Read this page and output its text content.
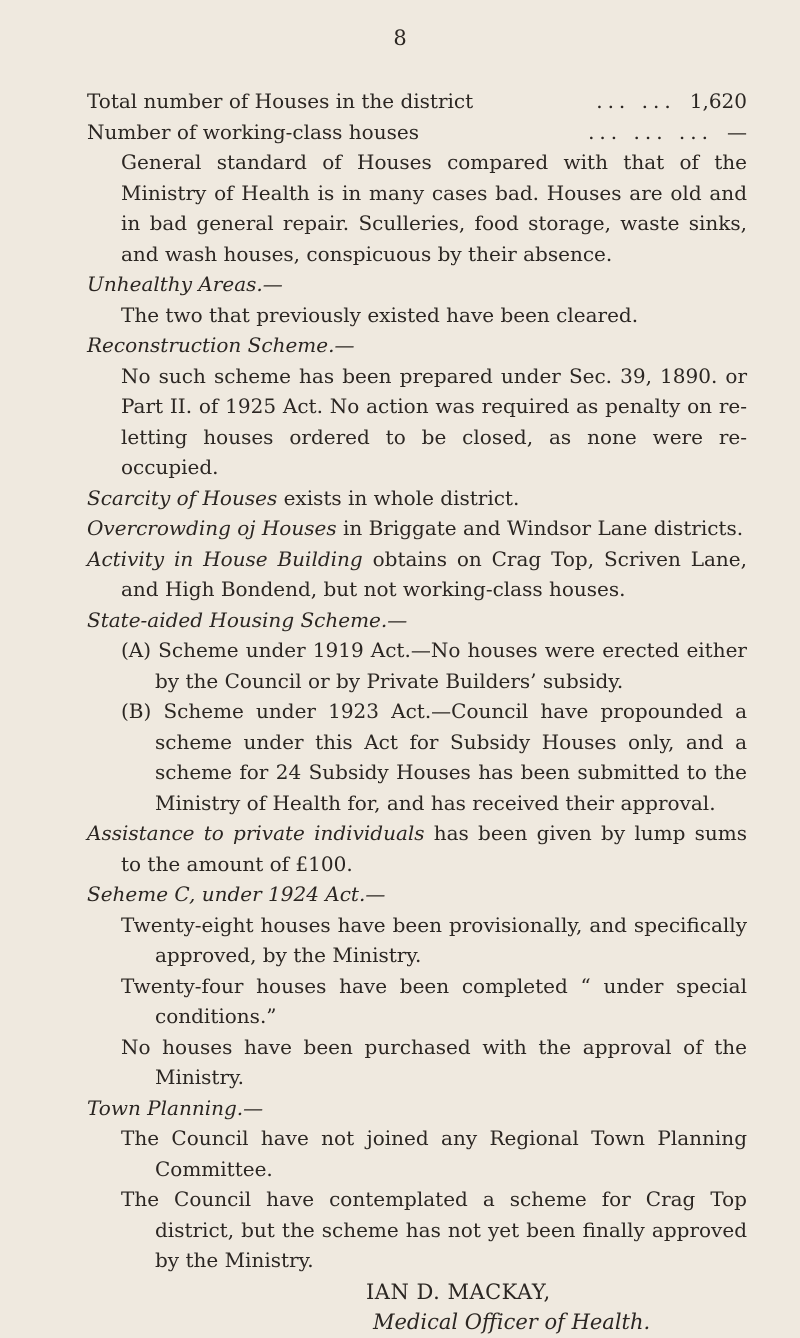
8
Total number of Houses in the district	... ... 1,620
Number of working-class houses	... ... ... —
General standard of Houses compared with that of the Ministry of Health is in many cases bad. Houses are old and in bad general repair. Sculleries, food storage, waste sinks, and wash houses, conspicuous by their absence.
Unhealthy Areas.—
The two that previously existed have been cleared.
Reconstruction Scheme.—
No such scheme has been prepared under Sec. 39, 1890. or Part II. of 1925 Act. No action was required as penalty on re-letting houses ordered to be closed, as none were re-occupied.
Scarcity of Houses exists in whole district.
Overcrowding oj Houses in Briggate and Windsor Lane districts.
Activity in House Building obtains on Crag Top, Scriven Lane, and High Bondend, but not working-class houses.
State-aided Housing Scheme.—
(A) Scheme under 1919 Act.—No houses were erected either by the Council or by Private Builders’ subsidy.
(B) Scheme under 1923 Act.—Council have propounded a scheme under this Act for Subsidy Houses only, and a scheme for 24 Subsidy Houses has been submitted to the Ministry of Health for, and has received their approval.
Assistance to private individuals has been given by lump sums to the amount of £100.
Seheme C, under 1924 Act.—
Twenty-eight houses have been provisionally, and specifically approved, by the Ministry.
Twenty-four houses have been completed “ under special conditions.”
No houses have been purchased with the approval of the Ministry.
Town Planning.—
The Council have not joined any Regional Town Planning Committee.
The Council have contemplated a scheme for Crag Top district, but the scheme has not yet been finally approved by the Ministry.
IAN D. MACKAY,
Medical Officer of Health.
